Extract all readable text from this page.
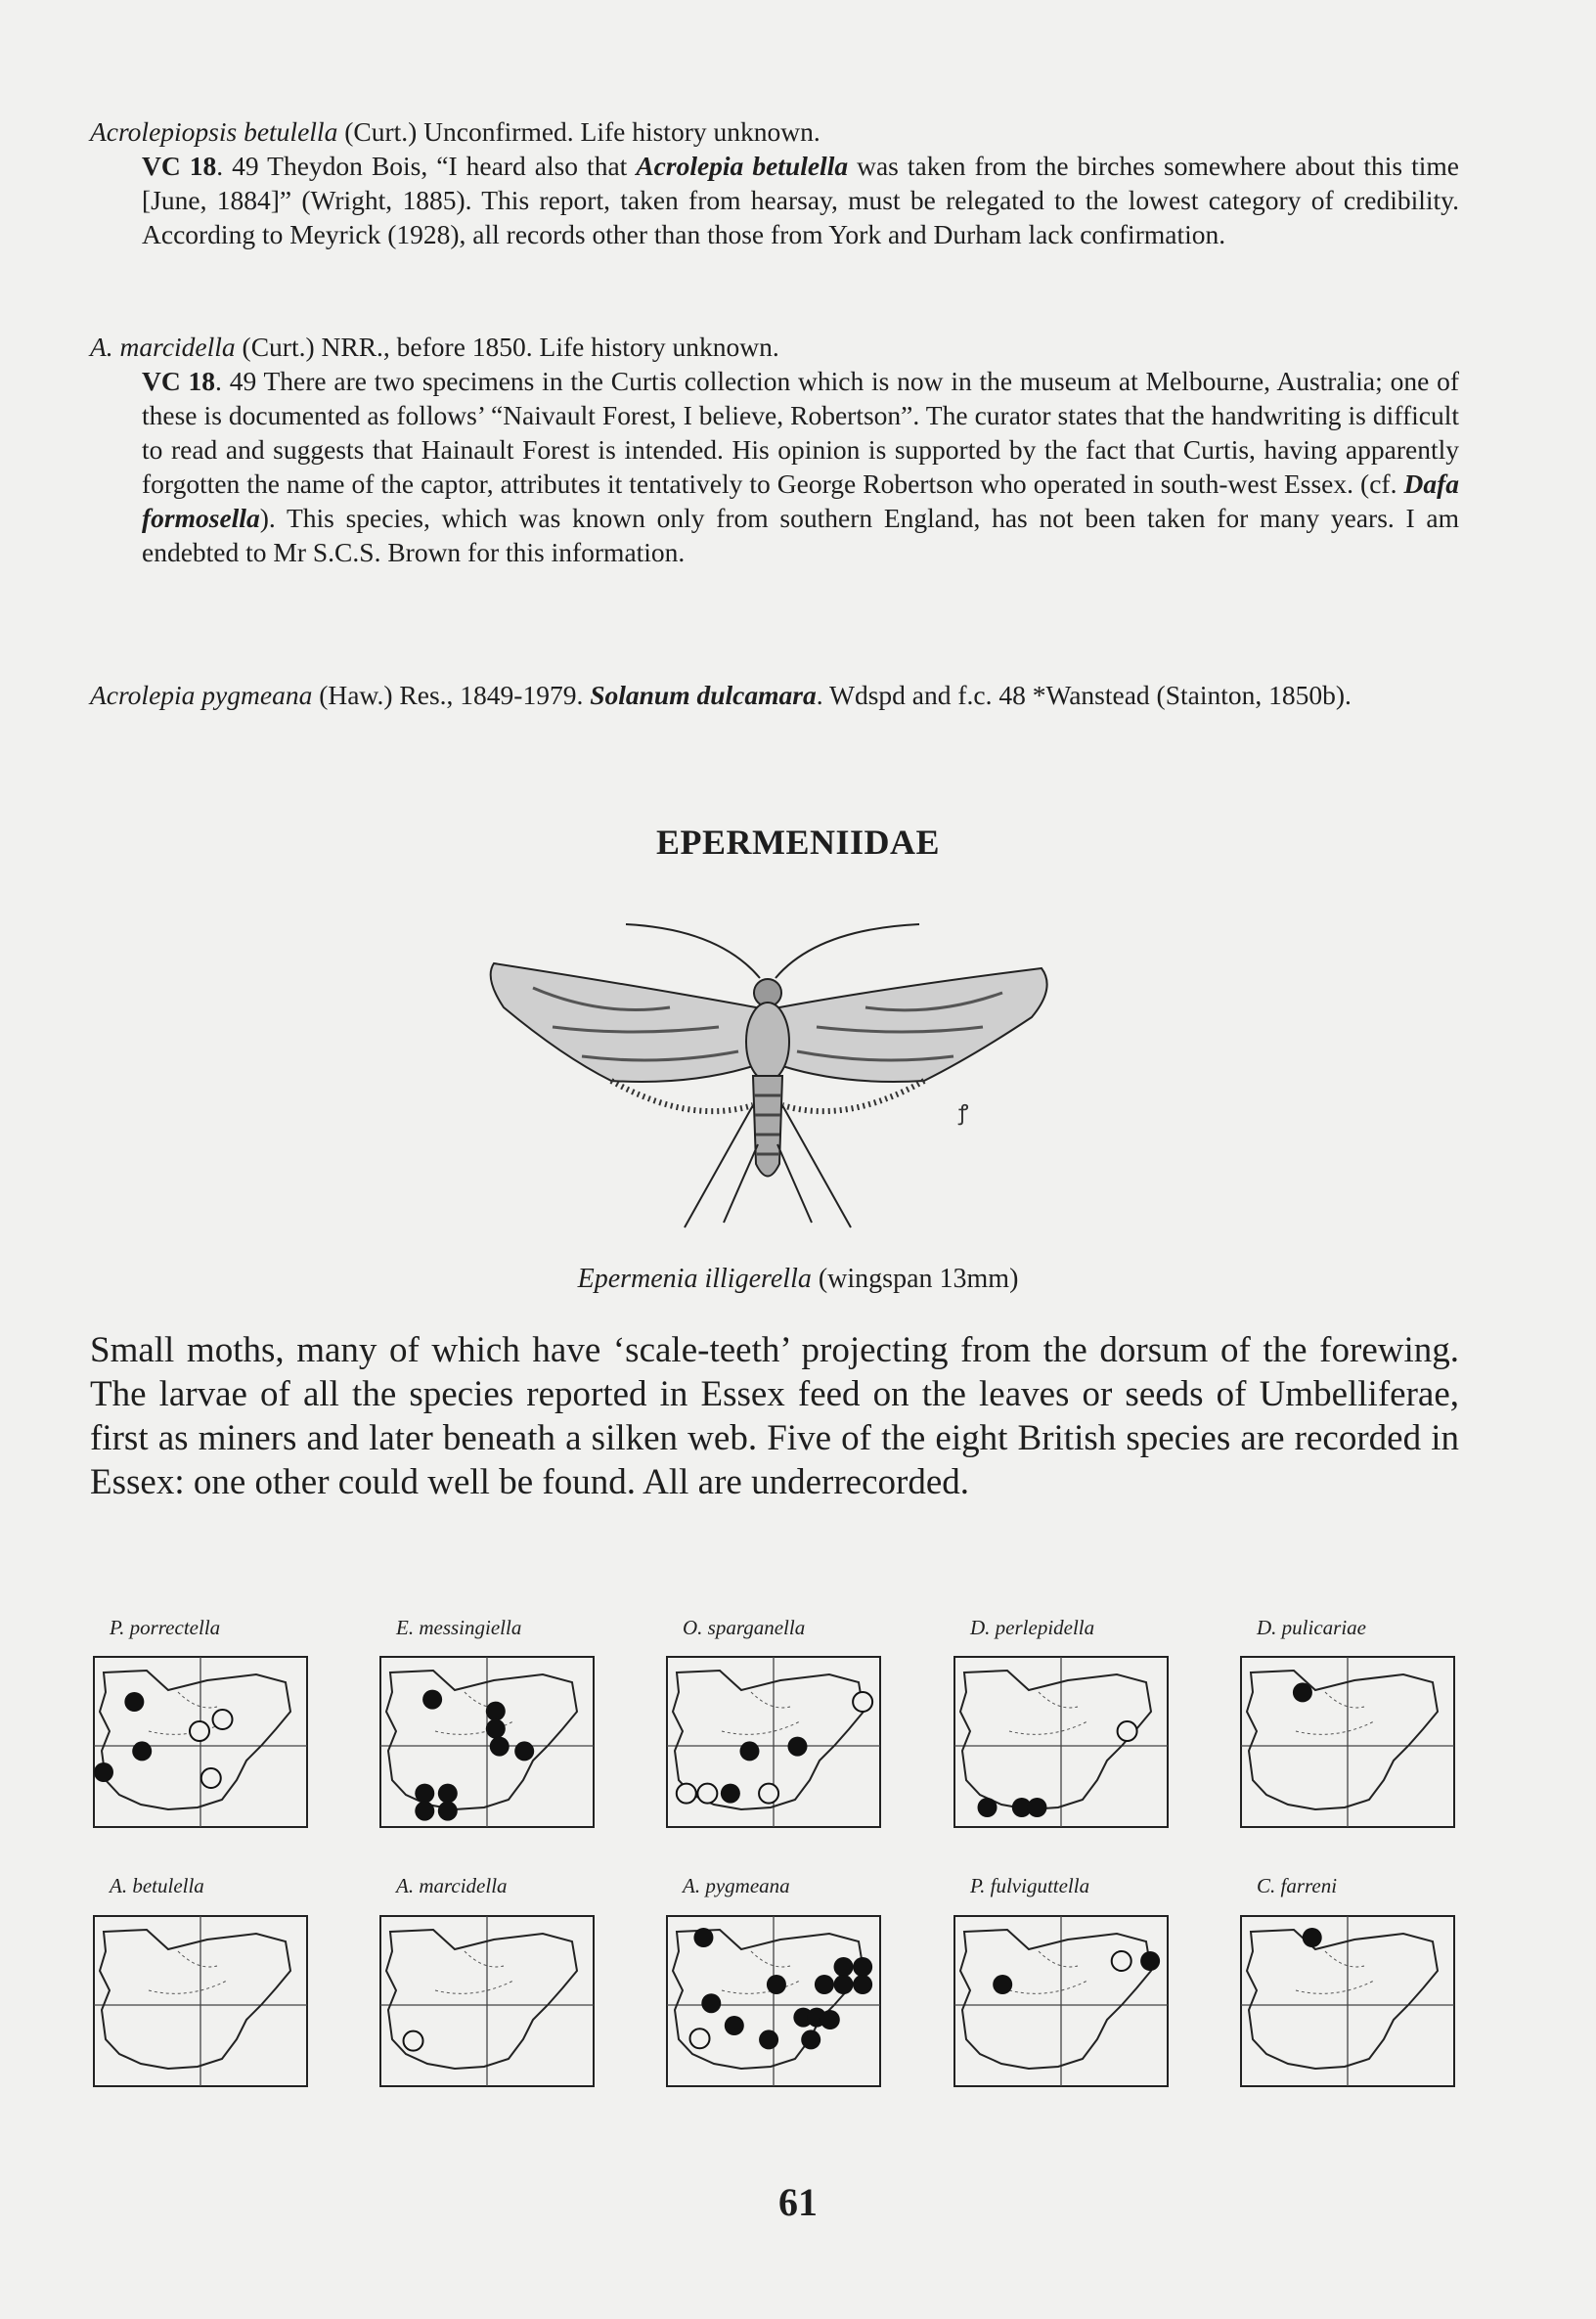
Acrolepiopsis betulella (Curt.) Unconfirmed. Life history unknown.

VC 18. 49 Theydon Bois, “I heard also that Acrolepia betulella was taken from the birches somewhere about this time [June, 1884]” (Wright, 1885). This report, taken from hearsay, must be relegated to the lowest category of credibility. According to Meyrick (1928), all records other than those from York and Durham lack confirmation.

A. marcidella (Curt.) NRR., before 1850. Life history unknown.

VC 18. 49 There are two specimens in the Curtis collection which is now in the museum at Melbourne, Australia; one of these is documented as follows’ “Naivault Forest, I believe, Robertson”. The curator states that the handwriting is difficult to read and suggests that Hainault Forest is intended. His opinion is supported by the fact that Curtis, having apparently forgotten the name of the captor, attributes it tentatively to George Robertson who operated in south-west Essex. (cf. Dafa formosella). This species, which was known only from southern England, has not been taken for many years. I am endebted to Mr S.C.S. Brown for this information.

Acrolepia pygmeana (Haw.) Res., 1849-1979. Solanum dulcamara. Wdspd and f.c. 48 *Wanstead (Stainton, 1850b).

EPERMENIIDAE
ꝭ
Epermenia illigerella (wingspan 13mm)
Small moths, many of which have ‘scale-teeth’ projecting from the dorsum of the forewing. The larvae of all the species reported in Essex feed on the leaves or seeds of Umbelliferae, first as miners and later beneath a silken web. Five of the eight British species are recorded in Essex: one other could well be found. All are underrecorded.
P. porrectella	E. messingiella	O. sparganella	D. perlepidella	D. pulicariae
A. betulella	A. marcidella	A. pygmeana	P. fulviguttella	C. farreni
61
